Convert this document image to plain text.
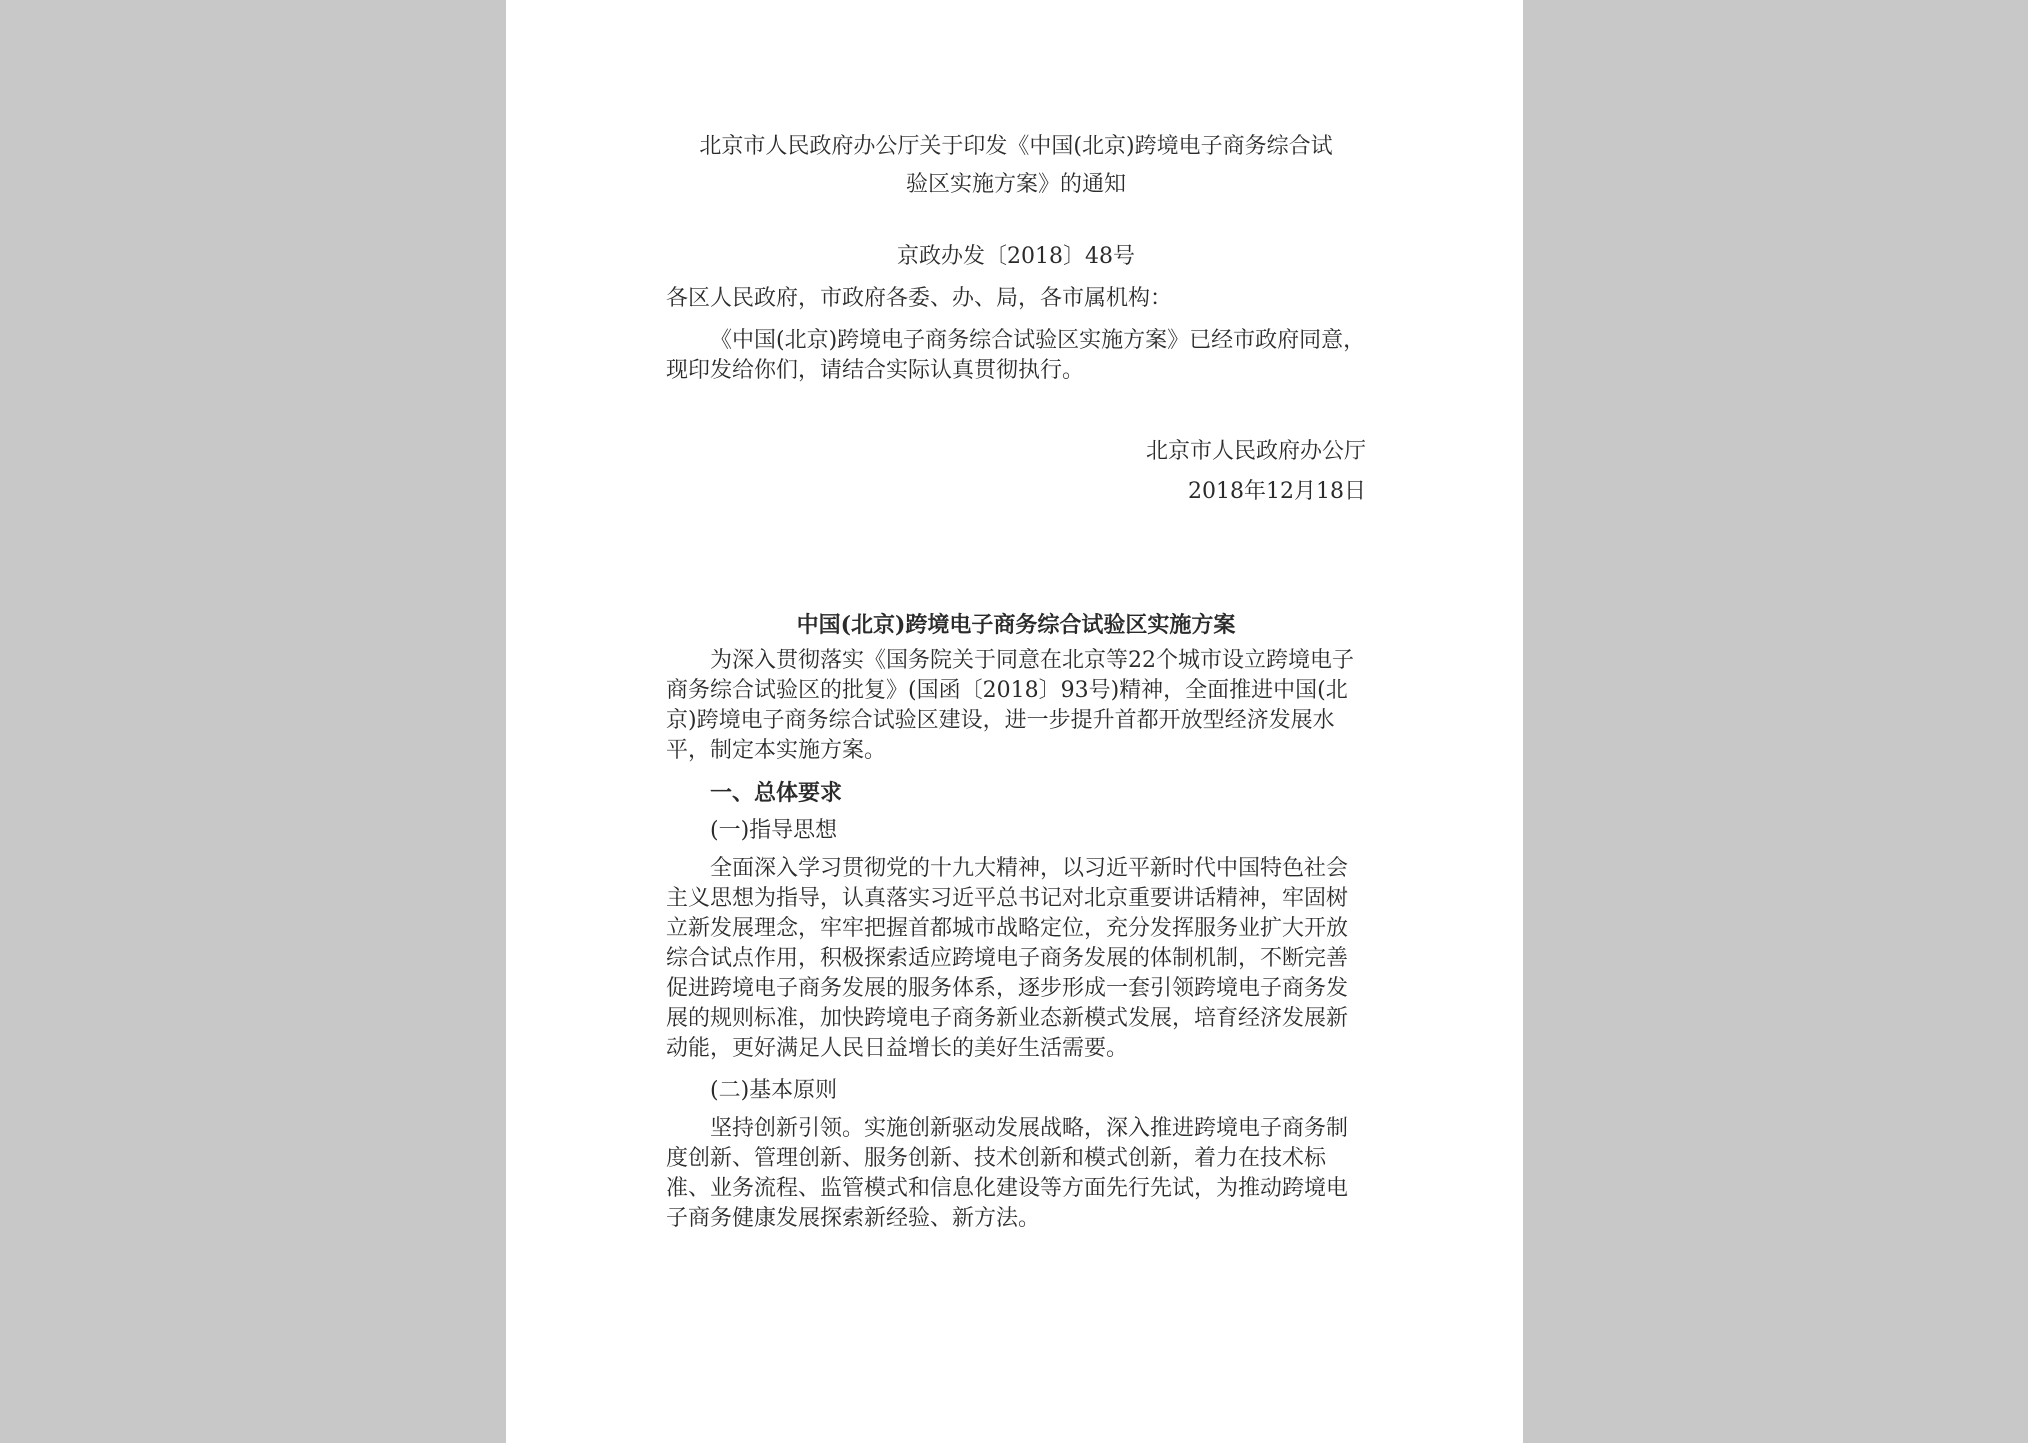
北京市人民政府办公厅关于印发《中国(北京)跨境电子商务综合试
验区实施方案》的通知
京政办发〔2018〕48号
各区人民政府，市政府各委、办、局，各市属机构：

《中国(北京)跨境电子商务综合试验区实施方案》已经市政府同意，现印发给你们，请结合实际认真贯彻执行。

北京市人民政府办公厅
2018年12月18日
中国(北京)跨境电子商务综合试验区实施方案

为深入贯彻落实《国务院关于同意在北京等22个城市设立跨境电子商务综合试验区的批复》(国函〔2018〕93号)精神，全面推进中国(北京)跨境电子商务综合试验区建设，进一步提升首都开放型经济发展水平，制定本实施方案。

一、总体要求
(一)指导思想

全面深入学习贯彻党的十九大精神，以习近平新时代中国特色社会主义思想为指导，认真落实习近平总书记对北京重要讲话精神，牢固树立新发展理念，牢牢把握首都城市战略定位，充分发挥服务业扩大开放综合试点作用，积极探索适应跨境电子商务发展的体制机制，不断完善促进跨境电子商务发展的服务体系，逐步形成一套引领跨境电子商务发展的规则标准，加快跨境电子商务新业态新模式发展，培育经济发展新动能，更好满足人民日益增长的美好生活需要。

(二)基本原则

坚持创新引领。实施创新驱动发展战略，深入推进跨境电子商务制度创新、管理创新、服务创新、技术创新和模式创新，着力在技术标准、业务流程、监管模式和信息化建设等方面先行先试，为推动跨境电子商务健康发展探索新经验、新方法。
